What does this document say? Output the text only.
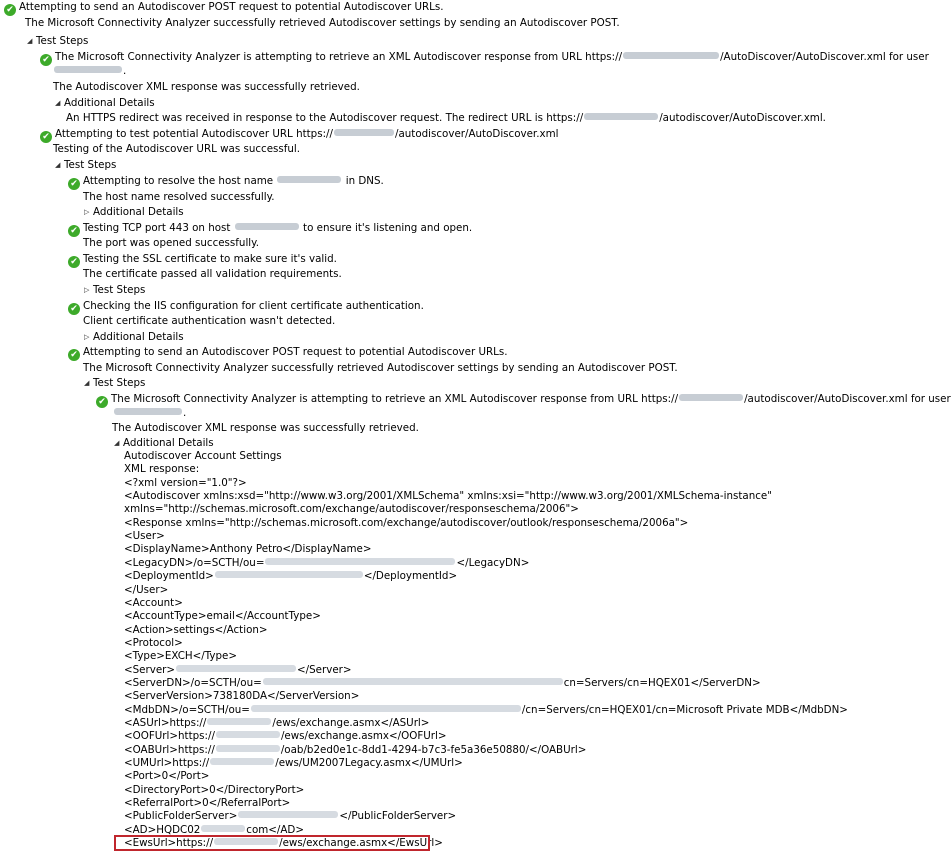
✔ Attempting to send an Autodiscover POST request to potential Autodiscover URLs.
The Microsoft Connectivity Analyzer successfully retrieved Autodiscover settings by sending an Autodiscover POST.
◢ Test Steps
✔ The Microsoft Connectivity Analyzer is attempting to retrieve an XML Autodiscover response from URL https://	/AutoDiscover/AutoDiscover.xml for user
.
The Autodiscover XML response was successfully retrieved.
◢ Additional Details
An HTTPS redirect was received in response to the Autodiscover request. The redirect URL is https://	/autodiscover/AutoDiscover.xml.
✔ Attempting to test potential Autodiscover URL https://	/autodiscover/AutoDiscover.xml
Testing of the Autodiscover URL was successful.
◢ Test Steps
✔ Attempting to resolve the host name	in DNS.
The host name resolved successfully.
▷ Additional Details
✔ Testing TCP port 443 on host	to ensure it's listening and open.
The port was opened successfully.
✔ Testing the SSL certificate to make sure it's valid.
The certificate passed all validation requirements.
▷ Test Steps
✔ Checking the IIS configuration for client certificate authentication.
Client certificate authentication wasn't detected.
▷ Additional Details
✔ Attempting to send an Autodiscover POST request to potential Autodiscover URLs.
The Microsoft Connectivity Analyzer successfully retrieved Autodiscover settings by sending an Autodiscover POST.
◢ Test Steps
✔ The Microsoft Connectivity Analyzer is attempting to retrieve an XML Autodiscover response from URL https://	/autodiscover/AutoDiscover.xml for user
.
The Autodiscover XML response was successfully retrieved.
◢ Additional Details
Autodiscover Account Settings
XML response:
<?xml version="1.0"?>
<Autodiscover xmlns:xsd="http://www.w3.org/2001/XMLSchema" xmlns:xsi="http://www.w3.org/2001/XMLSchema-instance"
xmlns="http://schemas.microsoft.com/exchange/autodiscover/responseschema/2006">
<Response xmlns="http://schemas.microsoft.com/exchange/autodiscover/outlook/responseschema/2006a">
<User>
<DisplayName>Anthony Petro</DisplayName>
<LegacyDN>/o=SCTH/ou=	</LegacyDN>
<DeploymentId>	</DeploymentId>
</User>
<Account>
<AccountType>email</AccountType>
<Action>settings</Action>
<Protocol>
<Type>EXCH</Type>
<Server>	</Server>
<ServerDN>/o=SCTH/ou=	cn=Servers/cn=HQEX01</ServerDN>
<ServerVersion>738180DA</ServerVersion>
<MdbDN>/o=SCTH/ou=	/cn=Servers/cn=HQEX01/cn=Microsoft Private MDB</MdbDN>
<ASUrl>https://	/ews/exchange.asmx</ASUrl>
<OOFUrl>https://	/ews/exchange.asmx</OOFUrl>
<OABUrl>https://	/oab/b2ed0e1c-8dd1-4294-b7c3-fe5a36e50880/</OABUrl>
<UMUrl>https://	/ews/UM2007Legacy.asmx</UMUrl>
<Port>0</Port>
<DirectoryPort>0</DirectoryPort>
<ReferralPort>0</ReferralPort>
<PublicFolderServer>	</PublicFolderServer>
<AD>HQDC02	com</AD>
<EwsUrl>https://	/ews/exchange.asmx</EwsUrl>
